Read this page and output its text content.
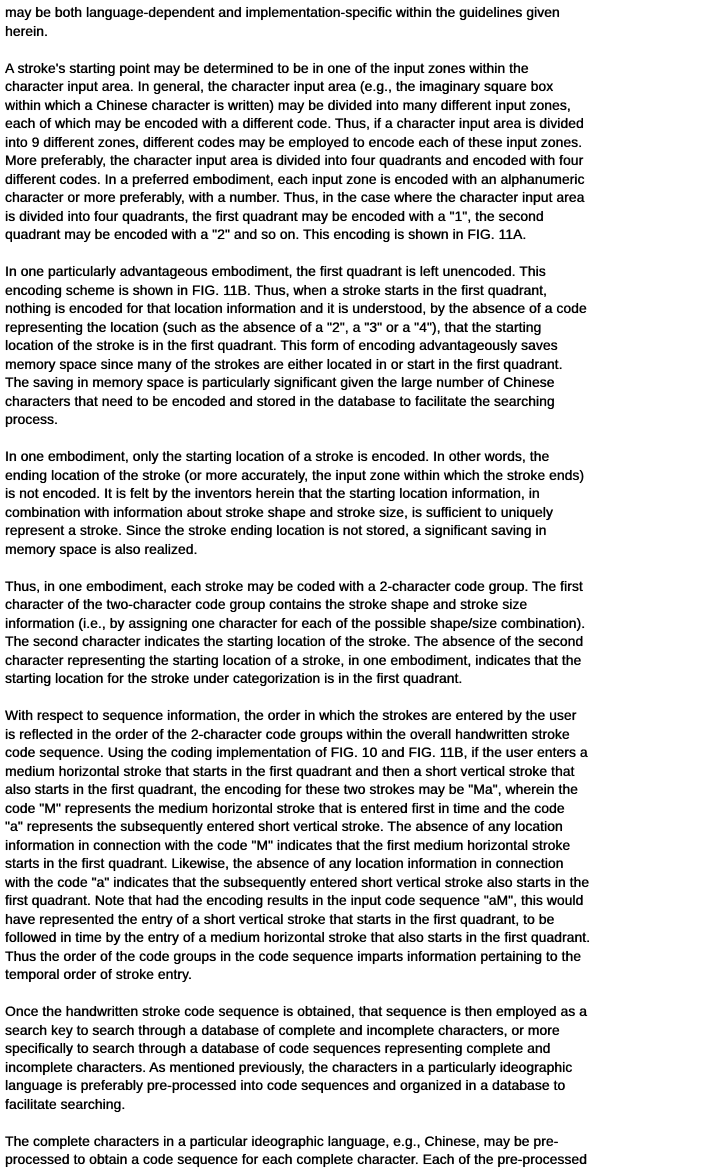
may be both language-dependent and implementation-specific within the guidelines given
herein.
A stroke's starting point may be determined to be in one of the input zones within the
character input area. In general, the character input area (e.g., the imaginary square box
within which a Chinese character is written) may be divided into many different input zones,
each of which may be encoded with a different code. Thus, if a character input area is divided
into 9 different zones, different codes may be employed to encode each of these input zones.
More preferably, the character input area is divided into four quadrants and encoded with four
different codes. In a preferred embodiment, each input zone is encoded with an alphanumeric
character or more preferably, with a number. Thus, in the case where the character input area
is divided into four quadrants, the first quadrant may be encoded with a "1", the second
quadrant may be encoded with a "2" and so on. This encoding is shown in FIG. 11A.
In one particularly advantageous embodiment, the first quadrant is left unencoded. This
encoding scheme is shown in FIG. 11B. Thus, when a stroke starts in the first quadrant,
nothing is encoded for that location information and it is understood, by the absence of a code
representing the location (such as the absence of a "2", a "3" or a "4"), that the starting
location of the stroke is in the first quadrant. This form of encoding advantageously saves
memory space since many of the strokes are either located in or start in the first quadrant.
The saving in memory space is particularly significant given the large number of Chinese
characters that need to be encoded and stored in the database to facilitate the searching
process.
In one embodiment, only the starting location of a stroke is encoded. In other words, the
ending location of the stroke (or more accurately, the input zone within which the stroke ends)
is not encoded. It is felt by the inventors herein that the starting location information, in
combination with information about stroke shape and stroke size, is sufficient to uniquely
represent a stroke. Since the stroke ending location is not stored, a significant saving in
memory space is also realized.
Thus, in one embodiment, each stroke may be coded with a 2-character code group. The first
character of the two-character code group contains the stroke shape and stroke size
information (i.e., by assigning one character for each of the possible shape/size combination).
The second character indicates the starting location of the stroke. The absence of the second
character representing the starting location of a stroke, in one embodiment, indicates that the
starting location for the stroke under categorization is in the first quadrant.
With respect to sequence information, the order in which the strokes are entered by the user
is reflected in the order of the 2-character code groups within the overall handwritten stroke
code sequence. Using the coding implementation of FIG. 10 and FIG. 11B, if the user enters a
medium horizontal stroke that starts in the first quadrant and then a short vertical stroke that
also starts in the first quadrant, the encoding for these two strokes may be "Ma", wherein the
code "M" represents the medium horizontal stroke that is entered first in time and the code
"a" represents the subsequently entered short vertical stroke. The absence of any location
information in connection with the code "M" indicates that the first medium horizontal stroke
starts in the first quadrant. Likewise, the absence of any location information in connection
with the code "a" indicates that the subsequently entered short vertical stroke also starts in the
first quadrant. Note that had the encoding results in the input code sequence "aM", this would
have represented the entry of a short vertical stroke that starts in the first quadrant, to be
followed in time by the entry of a medium horizontal stroke that also starts in the first quadrant.
Thus the order of the code groups in the code sequence imparts information pertaining to the
temporal order of stroke entry.
Once the handwritten stroke code sequence is obtained, that sequence is then employed as a
search key to search through a database of complete and incomplete characters, or more
specifically to search through a database of code sequences representing complete and
incomplete characters. As mentioned previously, the characters in a particularly ideographic
language is preferably pre-processed into code sequences and organized in a database to
facilitate searching.
The complete characters in a particular ideographic language, e.g., Chinese, may be pre-
processed to obtain a code sequence for each complete character. Each of the pre-processed
